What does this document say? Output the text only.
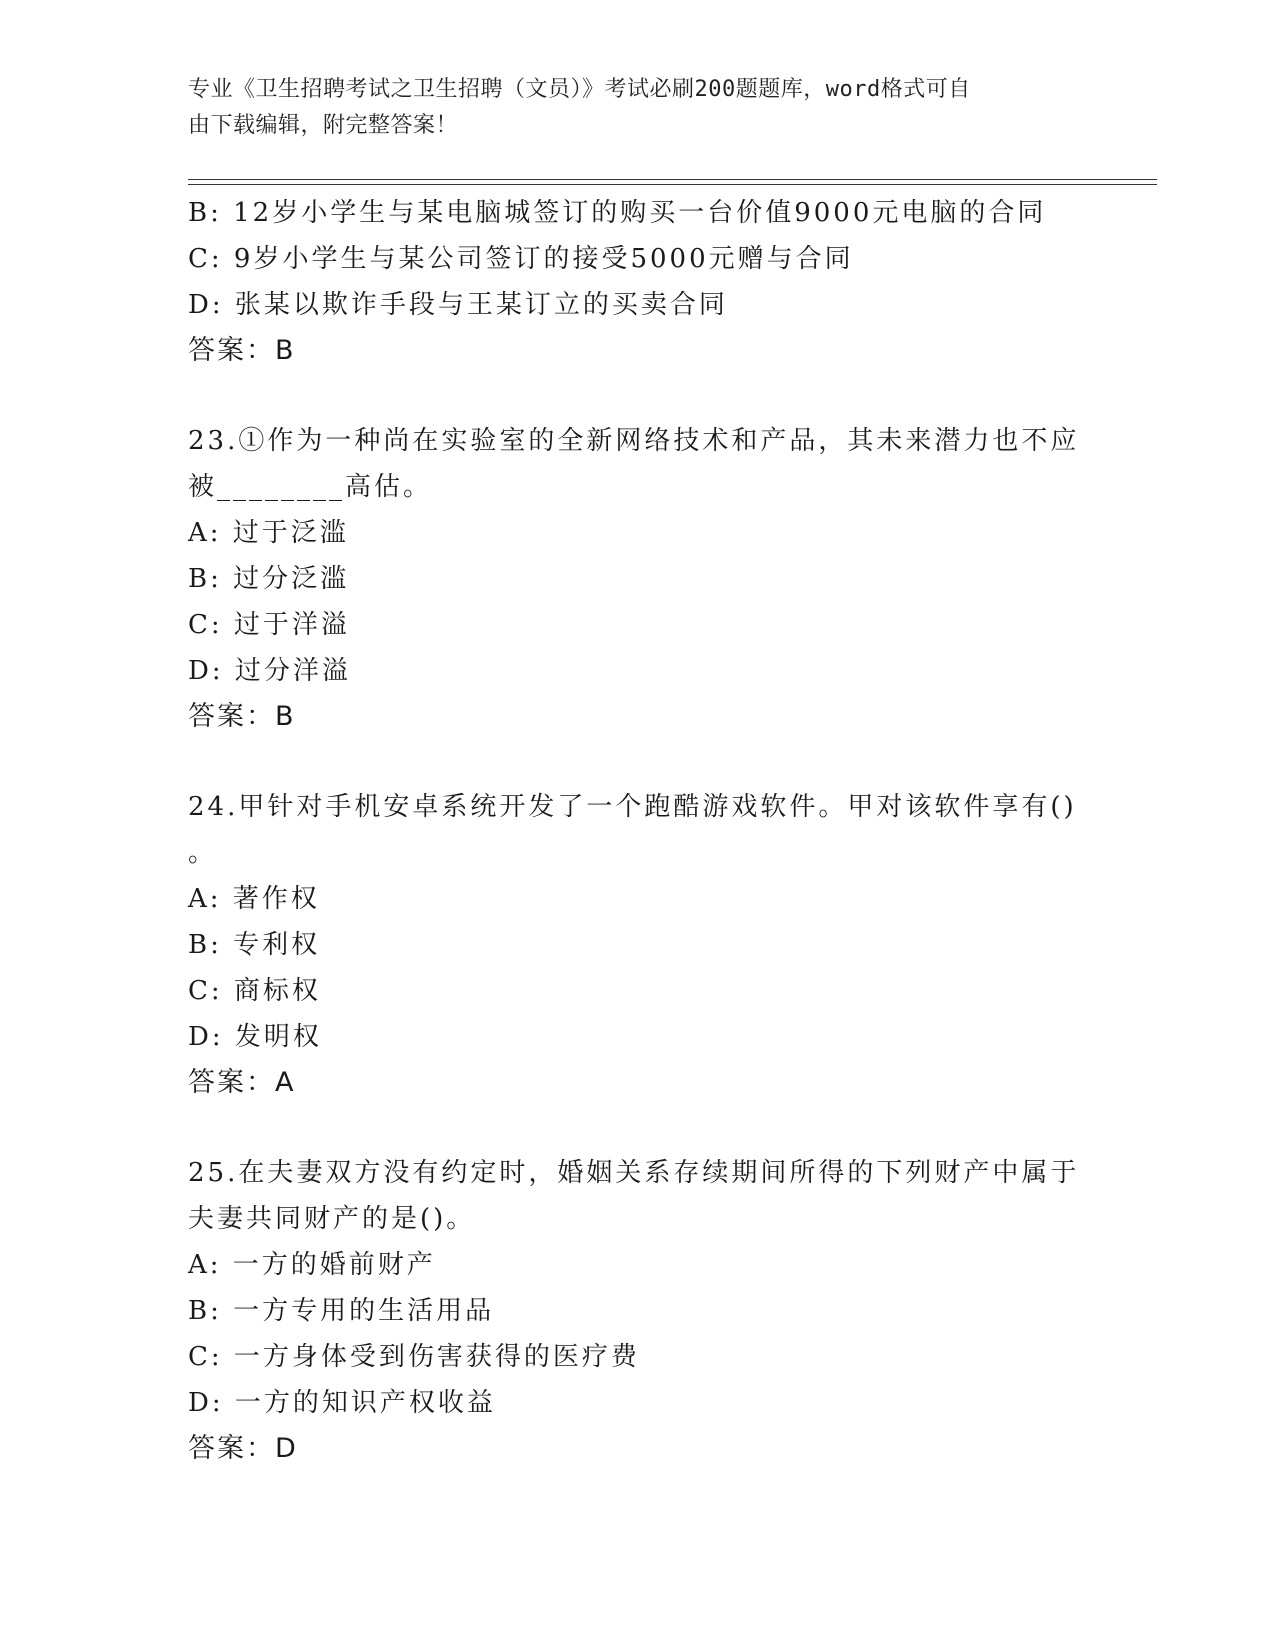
专业《卫生招聘考试之卫生招聘（文员）》考试必刷200题题库，word格式可自
由下载编辑，附完整答案！
B: 12岁小学生与某电脑城签订的购买一台价值9000元电脑的合同
C: 9岁小学生与某公司签订的接受5000元赠与合同
D: 张某以欺诈手段与王某订立的买卖合同
答案：B
23.①作为一种尚在实验室的全新网络技术和产品，其未来潜力也不应
被________高估。
A: 过于泛滥
B: 过分泛滥
C: 过于洋溢
D: 过分洋溢
答案：B
24.甲针对手机安卓系统开发了一个跑酷游戏软件。甲对该软件享有()
。
A: 著作权
B: 专利权
C: 商标权
D: 发明权
答案：A
25.在夫妻双方没有约定时，婚姻关系存续期间所得的下列财产中属于
夫妻共同财产的是()。
A: 一方的婚前财产
B: 一方专用的生活用品
C: 一方身体受到伤害获得的医疗费
D: 一方的知识产权收益
答案：D
